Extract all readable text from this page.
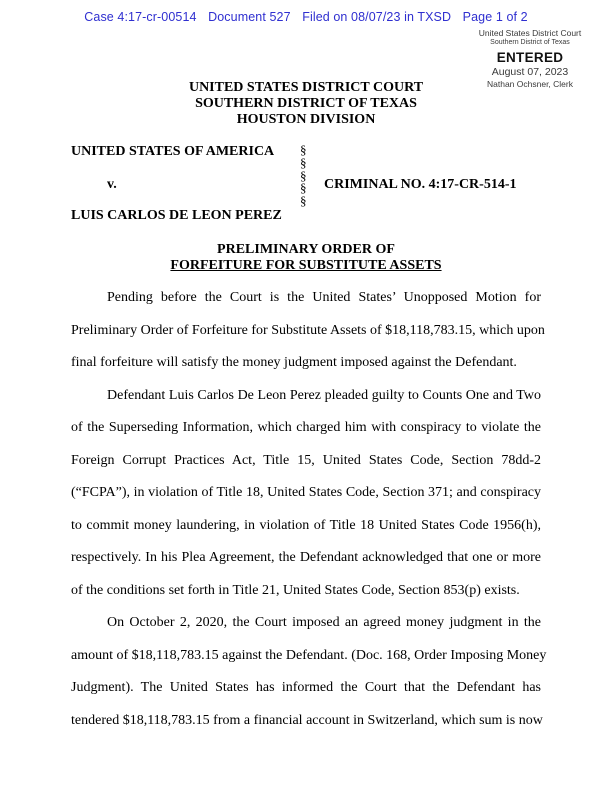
Case 4:17-cr-00514 Document 527 Filed on 08/07/23 in TXSD Page 1 of 2
United States District Court
Southern District of Texas
ENTERED
August 07, 2023
Nathan Ochsner, Clerk
UNITED STATES DISTRICT COURT
SOUTHERN DISTRICT OF TEXAS
HOUSTON DIVISION
UNITED STATES OF AMERICA
v.
LUIS CARLOS DE LEON PEREZ
§
§
§
§
§
CRIMINAL NO. 4:17-CR-514-1
PRELIMINARY ORDER OF
FORFEITURE FOR SUBSTITUTE ASSETS
Pending before the Court is the United States’ Unopposed Motion for
Preliminary Order of Forfeiture for Substitute Assets of $18,118,783.15, which upon
final forfeiture will satisfy the money judgment imposed against the Defendant.
Defendant Luis Carlos De Leon Perez pleaded guilty to Counts One and Two
of the Superseding Information, which charged him with conspiracy to violate the
Foreign Corrupt Practices Act, Title 15, United States Code, Section 78dd-2
(“FCPA”), in violation of Title 18, United States Code, Section 371; and conspiracy
to commit money laundering, in violation of Title 18 United States Code 1956(h),
respectively. In his Plea Agreement, the Defendant acknowledged that one or more
of the conditions set forth in Title 21, United States Code, Section 853(p) exists.
On October 2, 2020, the Court imposed an agreed money judgment in the
amount of $18,118,783.15 against the Defendant. (Doc. 168, Order Imposing Money
Judgment). The United States has informed the Court that the Defendant has
tendered $18,118,783.15 from a financial account in Switzerland, which sum is now
